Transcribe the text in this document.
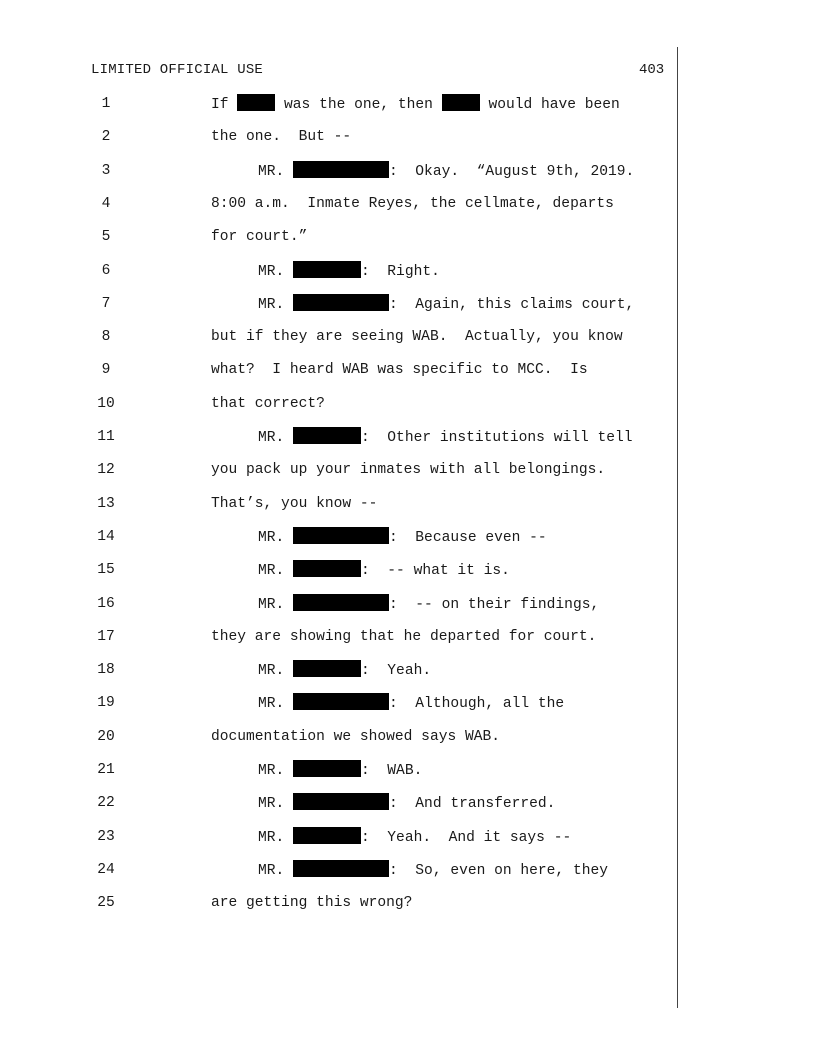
LIMITED OFFICIAL USE	403
1	If	was the one, then	would have been
2	the one.  But --
3	MR.	:  Okay.  “August 9th, 2019.
4	8:00 a.m.  Inmate Reyes, the cellmate, departs
5	for court.”
6	MR.	:  Right.
7	MR.	:  Again, this claims court,
8	but if they are seeing WAB.  Actually, you know
9	what?  I heard WAB was specific to MCC.  Is
10	that correct?
11	MR.	:  Other institutions will tell
12	you pack up your inmates with all belongings.
13	That’s, you know --
14	MR.	:  Because even --
15	MR.	:  -- what it is.
16	MR.	:  -- on their findings,
17	they are showing that he departed for court.
18	MR.	:  Yeah.
19	MR.	:  Although, all the
20	documentation we showed says WAB.
21	MR.	:  WAB.
22	MR.	:  And transferred.
23	MR.	:  Yeah.  And it says --
24	MR.	:  So, even on here, they
25	are getting this wrong?
